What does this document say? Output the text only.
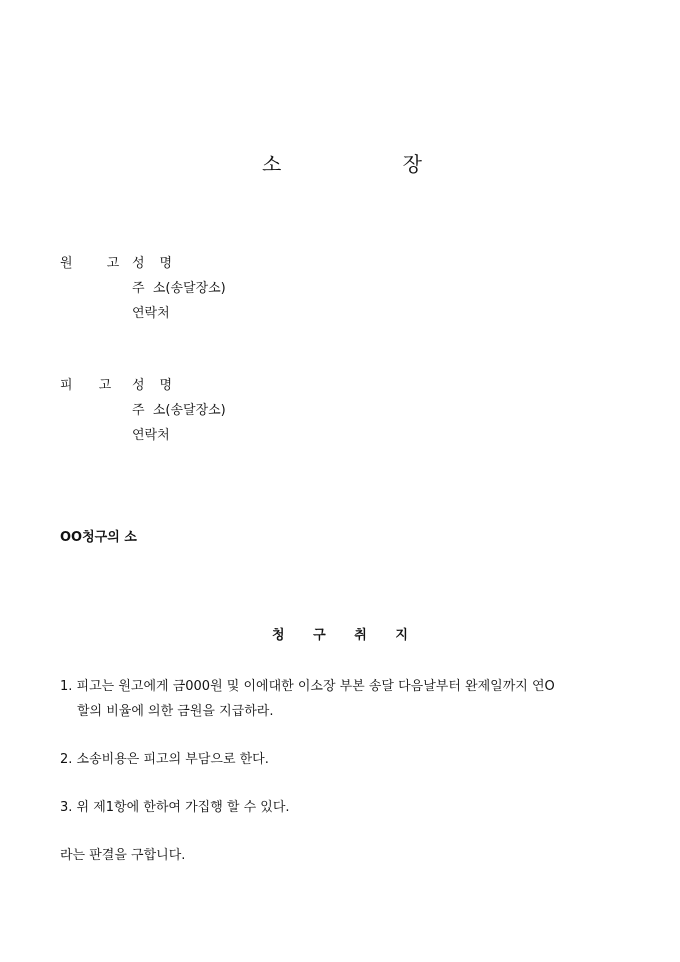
소	장
원	고 성 명
주  소(송달장소)
연락처
피 고	성 명
주  소(송달장소)
연락처
OO청구의 소
청 구 취 지
1. 피고는 원고에게 금000원 및 이에대한 이소장 부본 송달 다음날부터 완제일까지 연O
할의 비율에 의한 금원을 지급하라.
2. 소송비용은 피고의 부담으로 한다.
3. 위 제1항에 한하여 가집행 할 수 있다.
라는 판결을 구합니다.
